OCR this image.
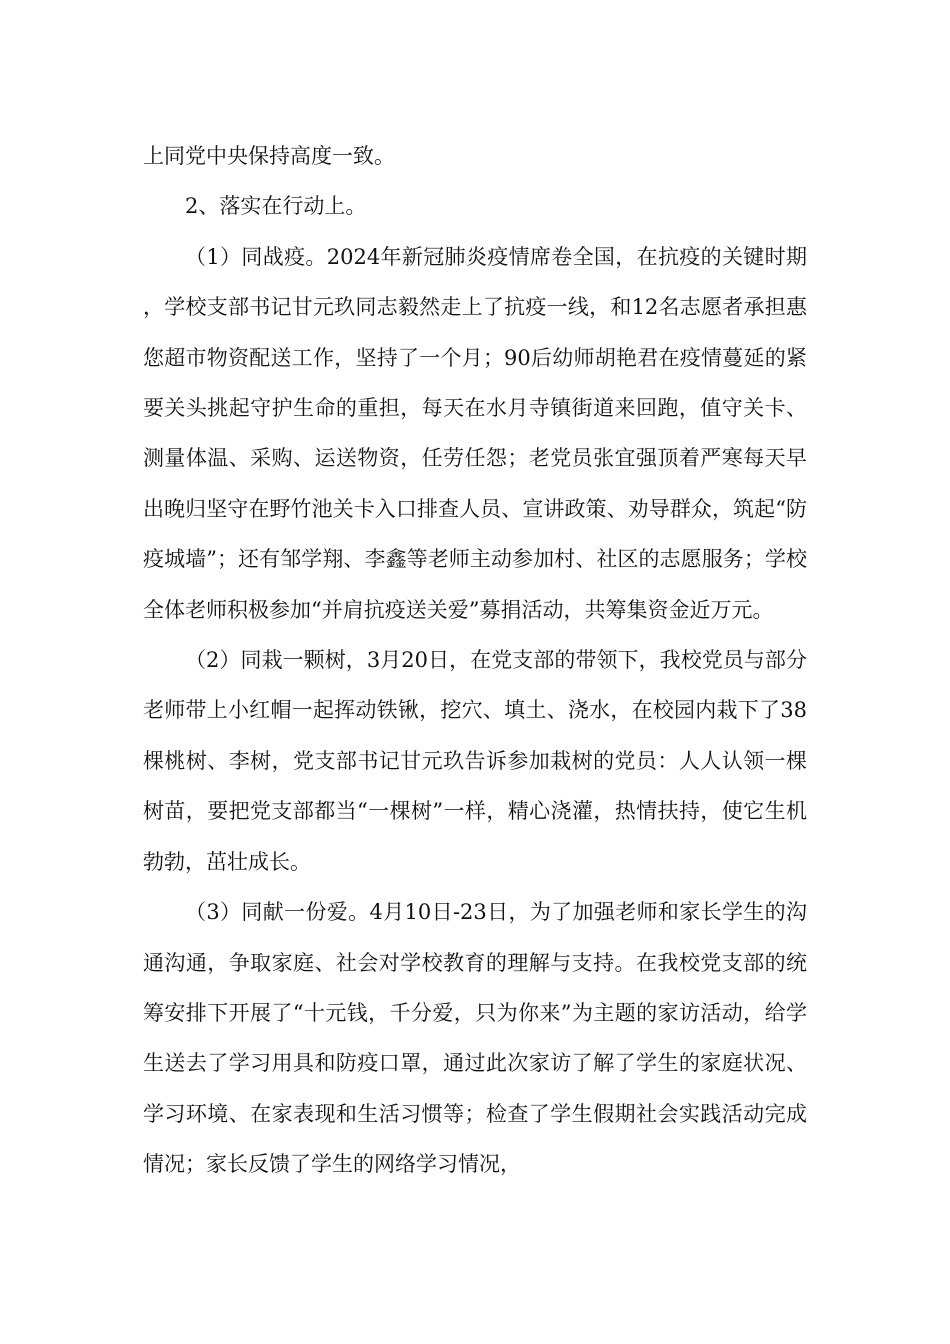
上同党中央保持高度一致。

2、落实在行动上。

（1）同战疫。2024年新冠肺炎疫情席卷全国，在抗疫的关键时期，学校支部书记甘元玖同志毅然走上了抗疫一线，和12名志愿者承担惠您超市物资配送工作，坚持了一个月；90后幼师胡艳君在疫情蔓延的紧要关头挑起守护生命的重担，每天在水月寺镇街道来回跑，值守关卡、测量体温、采购、运送物资，任劳任怨；老党员张宜强顶着严寒每天早出晚归坚守在野竹池关卡入口排查人员、宣讲政策、劝导群众，筑起“防疫城墙”；还有邹学翔、李鑫等老师主动参加村、社区的志愿服务；学校全体老师积极参加“并肩抗疫送关爱”募捐活动，共筹集资金近万元。

（2）同栽一颗树，3月20日，在党支部的带领下，我校党员与部分老师带上小红帽一起挥动铁锹，挖穴、填土、浇水，在校园内栽下了38棵桃树、李树，党支部书记甘元玖告诉参加栽树的党员：人人认领一棵树苗，要把党支部都当“一棵树”一样，精心浇灌，热情扶持，使它生机勃勃，茁壮成长。

（3）同献一份爱。4月10日-23日，为了加强老师和家长学生的沟通沟通，争取家庭、社会对学校教育的理解与支持。在我校党支部的统筹安排下开展了“十元钱，千分爱，只为你来”为主题的家访活动，给学生送去了学习用具和防疫口罩，通过此次家访了解了学生的家庭状况、学习环境、在家表现和生活习惯等；检查了学生假期社会实践活动完成情况；家长反馈了学生的网络学习情况，
